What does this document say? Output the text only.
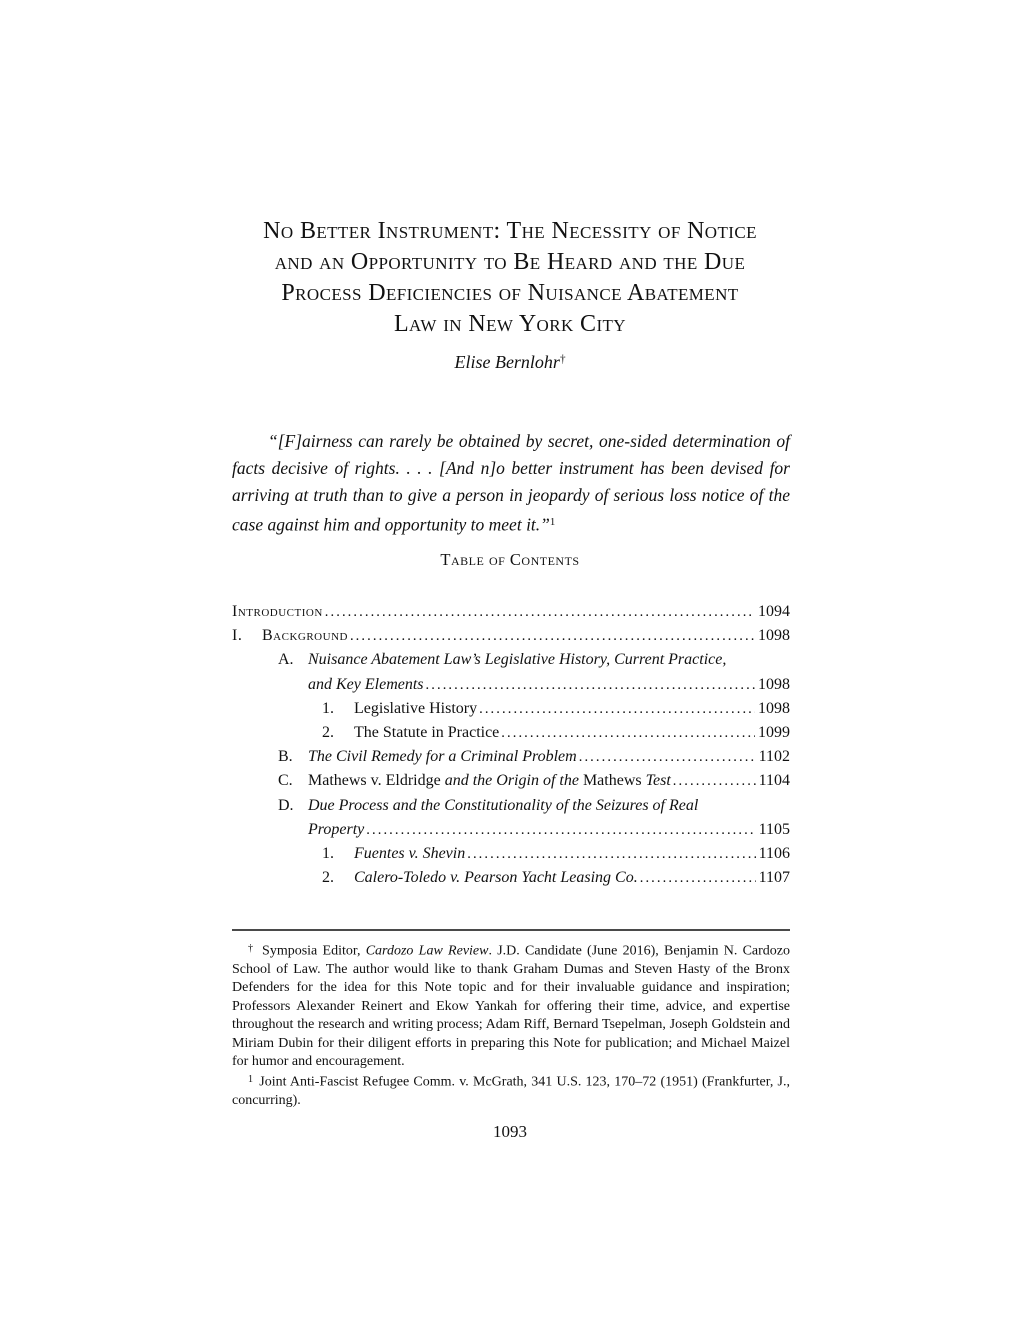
No Better Instrument: The Necessity of Notice
and an Opportunity to Be Heard and the Due
Process Deficiencies of Nuisance Abatement
Law in New York City
Elise Bernlohr†
“[F]airness can rarely be obtained by secret, one-sided determination of facts decisive of rights. . . . [And n]o better instrument has been devised for arriving at truth than to give a person in jeopardy of serious loss notice of the case against him and opportunity to meet it.”$^1$
Table of Contents
Introduction .....	1094
I.	Background .....	1098
A. Nuisance Abatement Law’s Legislative History, Current Practice,
and Key Elements .....	1098
1.	Legislative History .....	1098
2.	The Statute in Practice .....	1099
B. The Civil Remedy for a Criminal Problem .....	1102
C. Mathews v. Eldridge and the Origin of the Mathews Test .....	1104
D. Due Process and the Constitutionality of the Seizures of Real
Property .....	1105
1.	Fuentes v. Shevin .....	1106
2.	Calero-Toledo v. Pearson Yacht Leasing Co. .....	1107

† Symposia Editor, Cardozo Law Review. J.D. Candidate (June 2016), Benjamin N. Cardozo School of Law. The author would like to thank Graham Dumas and Steven Hasty of the Bronx Defenders for the idea for this Note topic and for their invaluable guidance and inspiration; Professors Alexander Reinert and Ekow Yankah for offering their time, advice, and expertise throughout the research and writing process; Adam Riff, Bernard Tsepelman, Joseph Goldstein and Miriam Dubin for their diligent efforts in preparing this Note for publication; and Michael Maizel for humor and encouragement.

$^1$ Joint Anti-Fascist Refugee Comm. v. McGrath, 341 U.S. 123, 170–72 (1951) (Frankfurter, J., concurring).

1093
